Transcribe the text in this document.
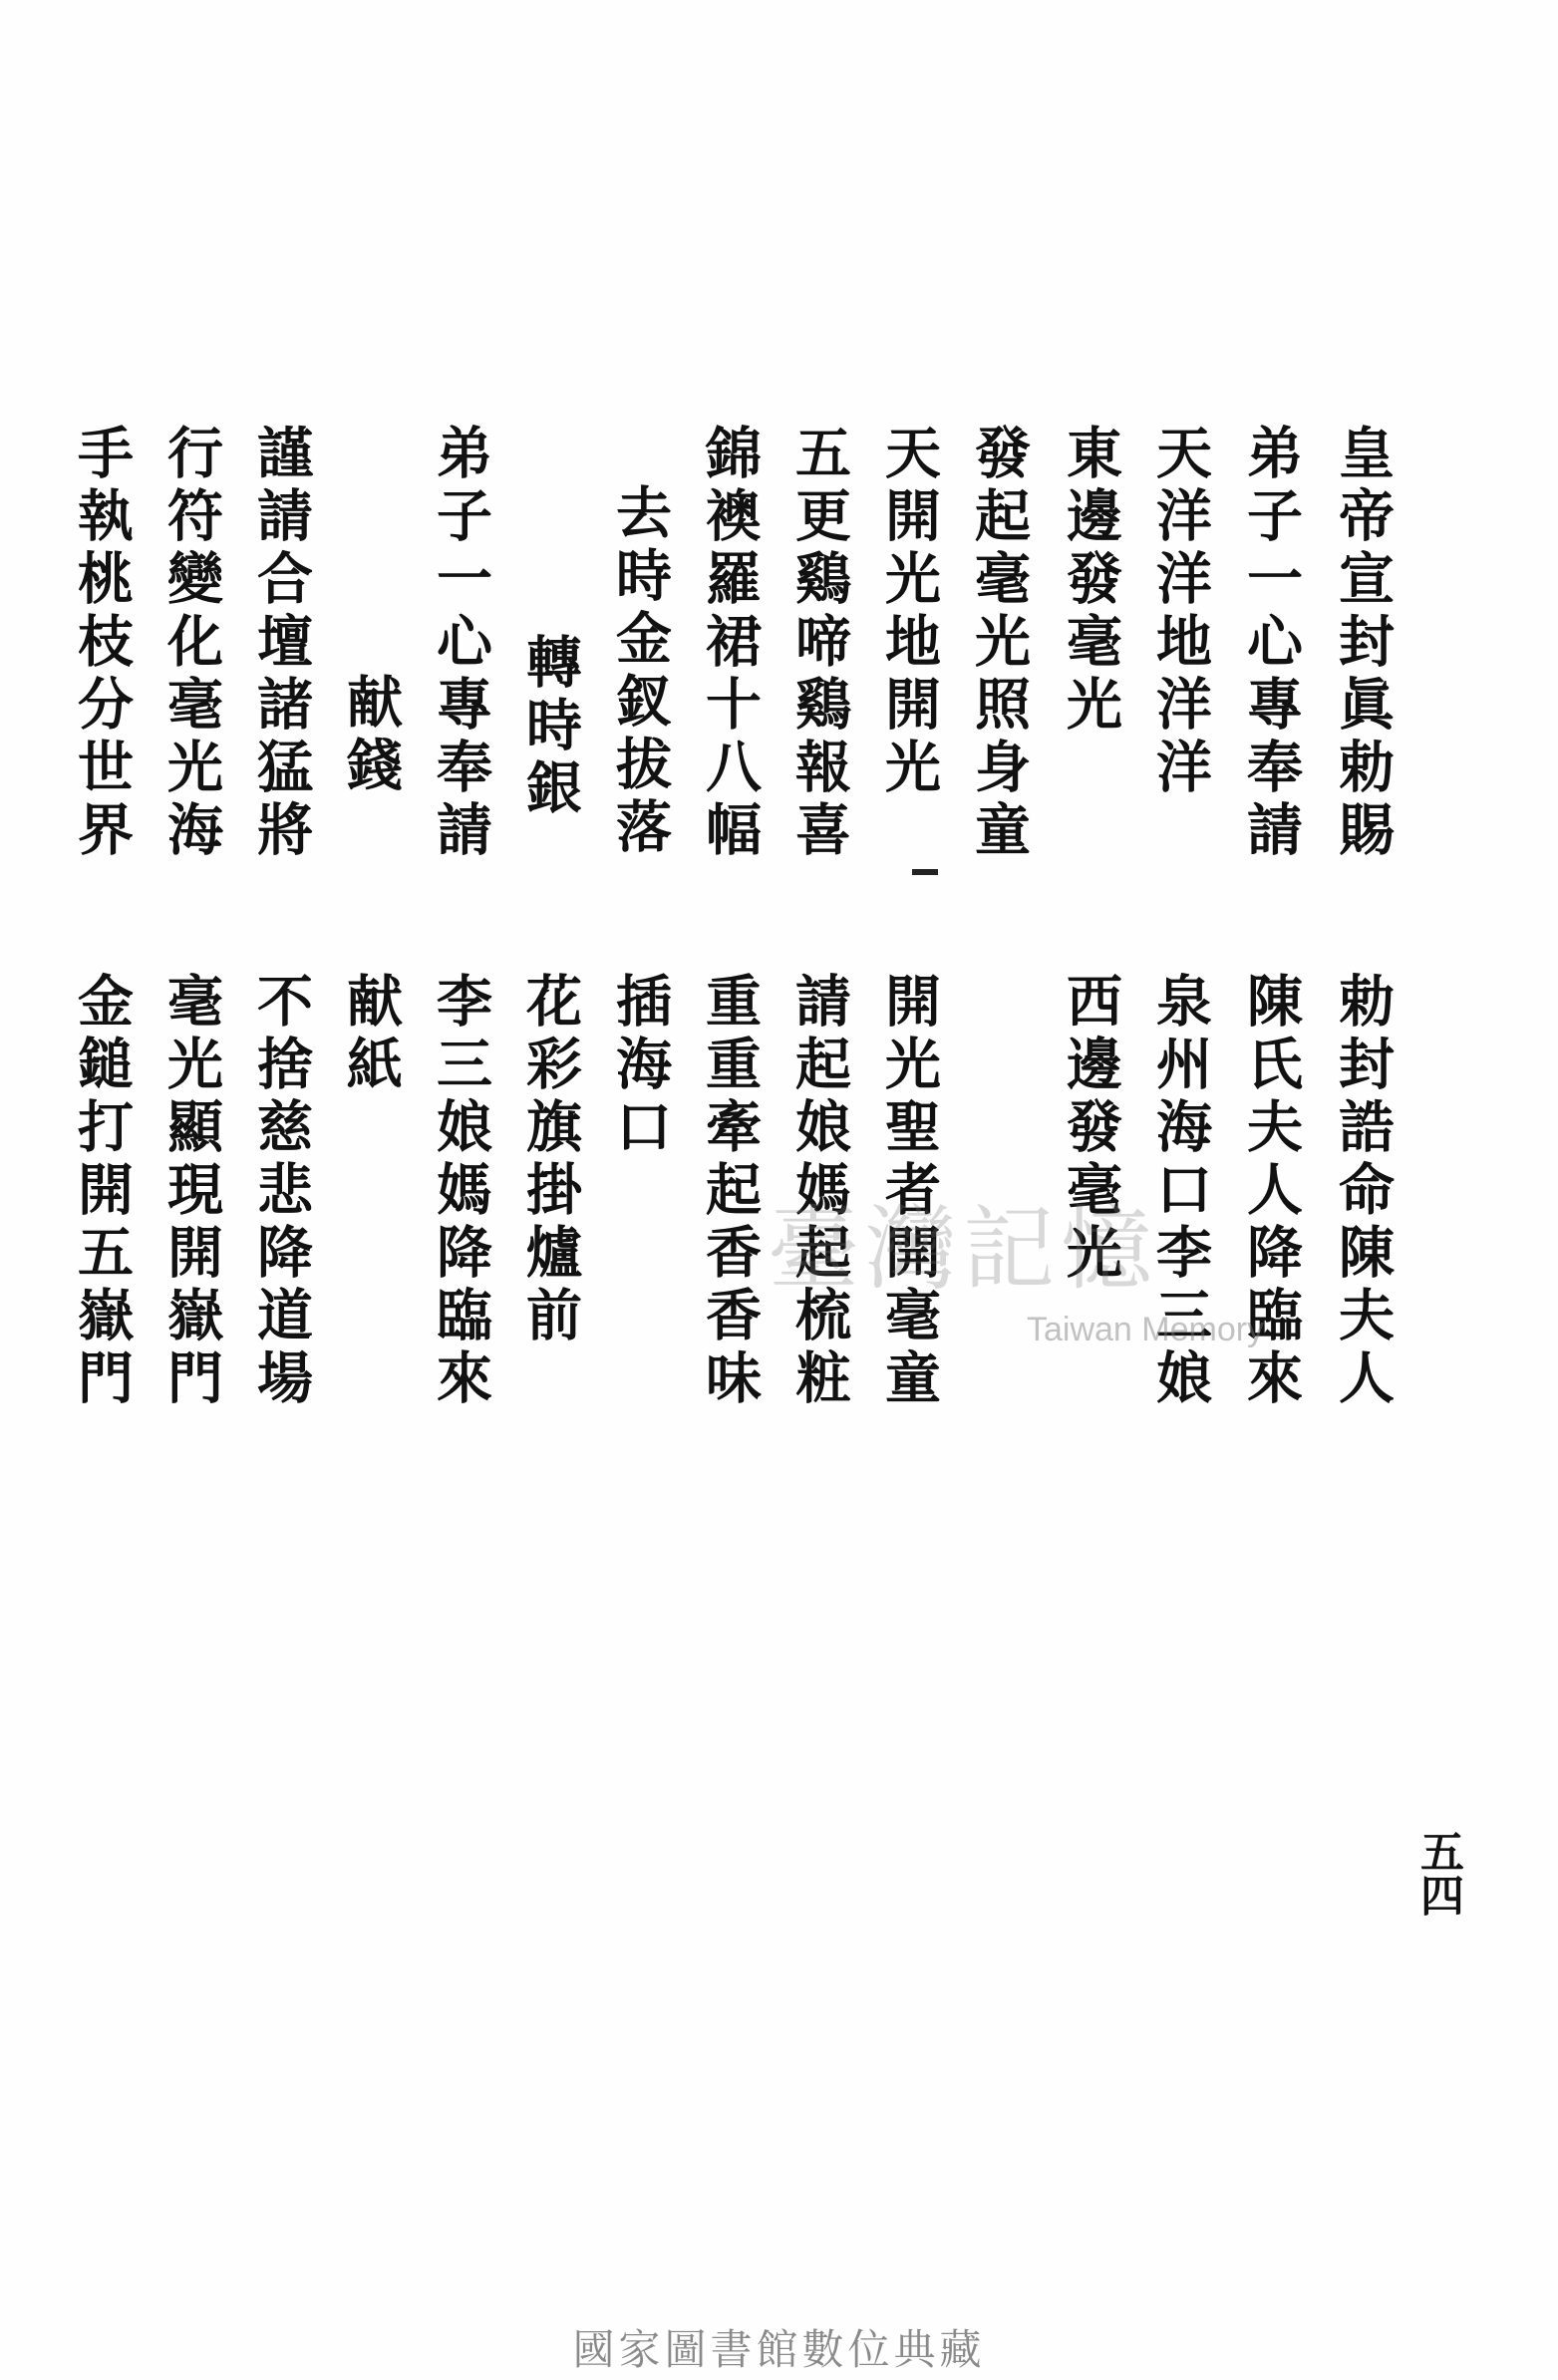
皇帝宣封眞勅賜
弟子一心專奉請
天洋洋地洋洋
東邊發毫光
發起毫光照身童
天開光地開光
五更鷄啼鷄報喜
錦襖羅裙十八幅
去時金釵拔落
轉時銀
弟子一心專奉請
献錢
謹請合壇諸猛將
行符變化毫光海
手執桃枝分世界
勅封誥命陳夫人
陳氏夫人降臨來
泉州海口李三娘
西邊發毫光
開光聖者開毫童
請起娘媽起梳粧
重重牽起香香味
插海口
花彩旗掛爐前
李三娘媽降臨來
献紙
不捨慈悲降道場
毫光顯現開嶽門
金鎚打開五嶽門	臺灣記憶
Taiwan Memory
五四
國家圖書館數位典藏
